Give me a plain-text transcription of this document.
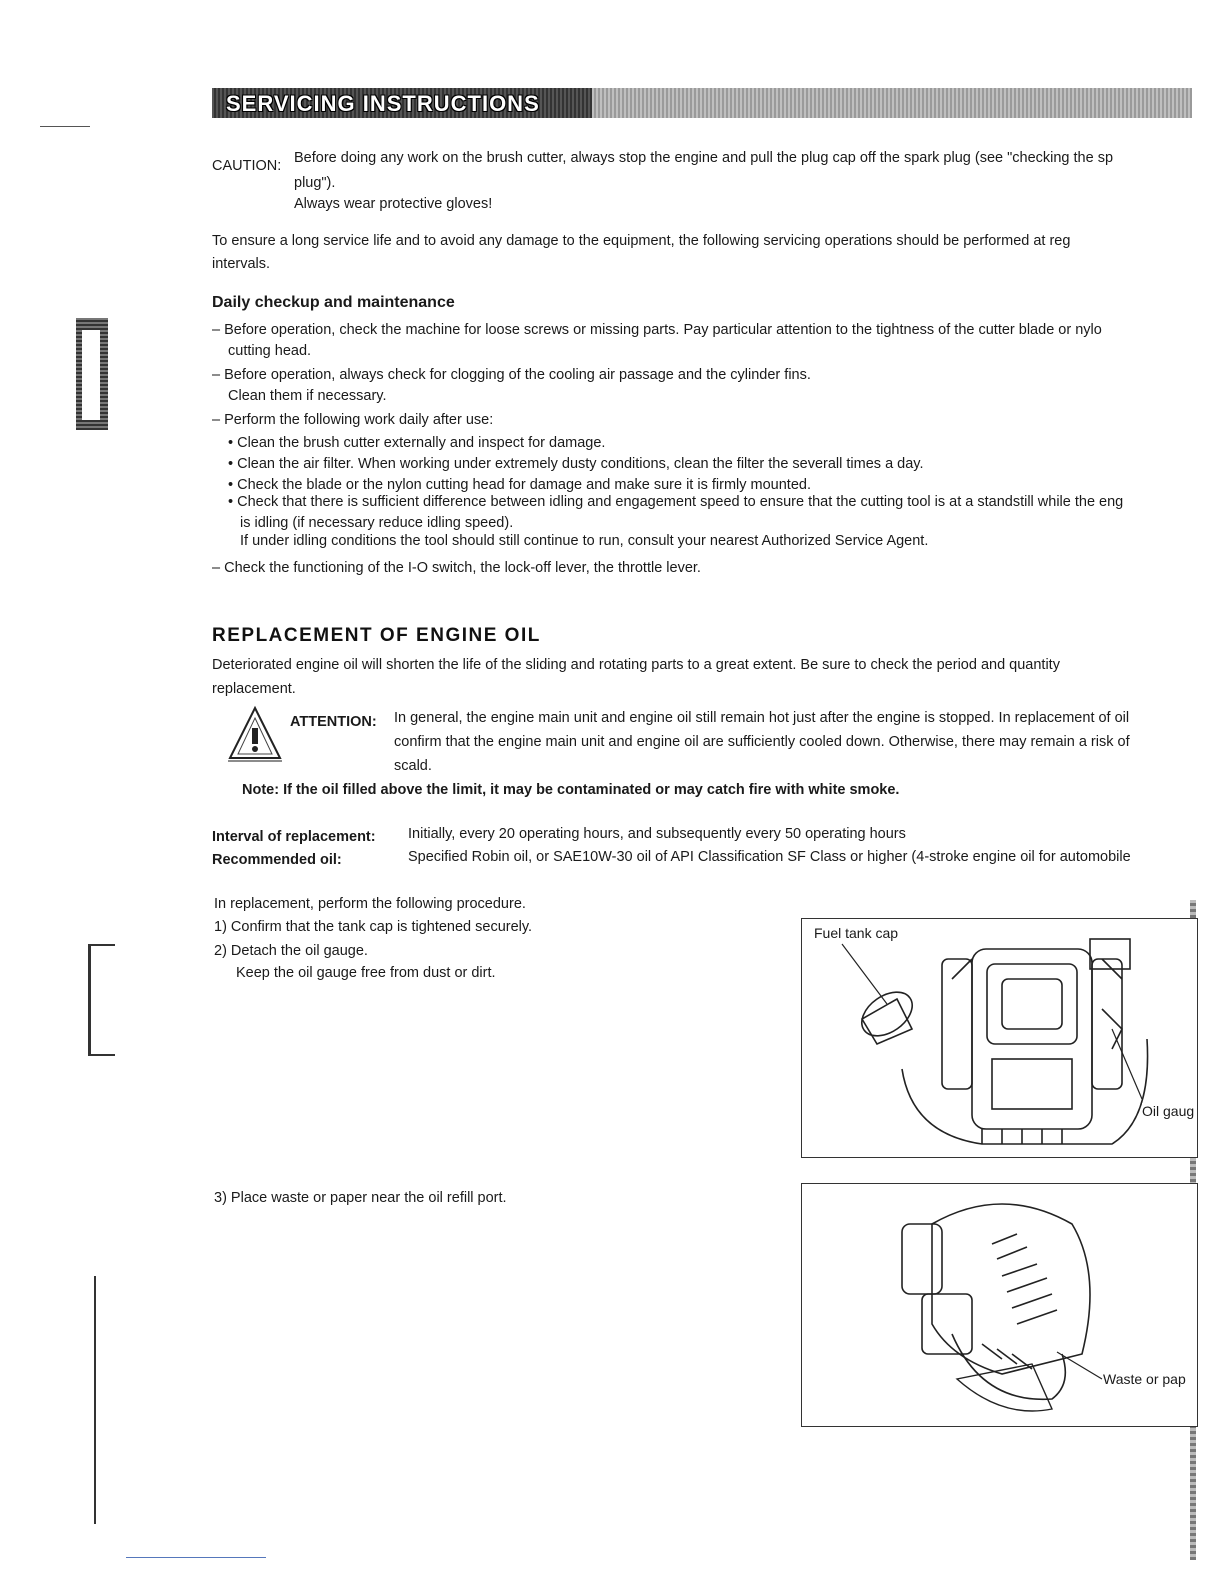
SERVICING INSTRUCTIONS
CAUTION: Before doing any work on the brush cutter, always stop the engine and pull the plug cap off the spark plug (see "checking the sp
plug").
Always wear protective gloves!
To ensure a long service life and to avoid any damage to the equipment, the following servicing operations should be performed at reg
intervals.
Daily checkup and maintenance
– Before operation, check the machine for loose screws or missing parts. Pay particular attention to the tightness of the cutter blade or nylo
cutting head.
– Before operation, always check for clogging of the cooling air passage and the cylinder fins.
Clean them if necessary.
– Perform the following work daily after use:
• Clean the brush cutter externally and inspect for damage.
• Clean the air filter. When working under extremely dusty conditions, clean the filter the severall times a day.
• Check the blade or the nylon cutting head for damage and make sure it is firmly mounted.
• Check that there is sufficient difference between idling and engagement speed to ensure that the cutting tool is at a standstill while the eng
is idling (if necessary reduce idling speed).
If under idling conditions the tool should still continue to run, consult your nearest Authorized Service Agent.
– Check the functioning of the I-O switch, the lock-off lever, the throttle lever.
REPLACEMENT OF ENGINE OIL
Deteriorated engine oil will shorten the life of the sliding and rotating parts to a great extent. Be sure to check the period and quantity
replacement.
ATTENTION: In general, the engine main unit and engine oil still remain hot just after the engine is stopped. In replacement of oil
confirm that the engine main unit and engine oil are sufficiently cooled down. Otherwise, there may remain a risk of
scald.
Note: If the oil filled above the limit, it may be contaminated or may catch fire with white smoke.
Interval of replacement: Initially, every 20 operating hours, and subsequently every 50 operating hours
Recommended oil:	Specified Robin oil, or SAE10W-30 oil of API Classification SF Class or higher (4-stroke engine oil for automobile
In replacement, perform the following procedure.
1) Confirm that the tank cap is tightened securely.
2) Detach the oil gauge.
Keep the oil gauge free from dust or dirt.
3) Place waste or paper near the oil refill port.
Fuel tank cap
Oil gaug
Waste or pap
